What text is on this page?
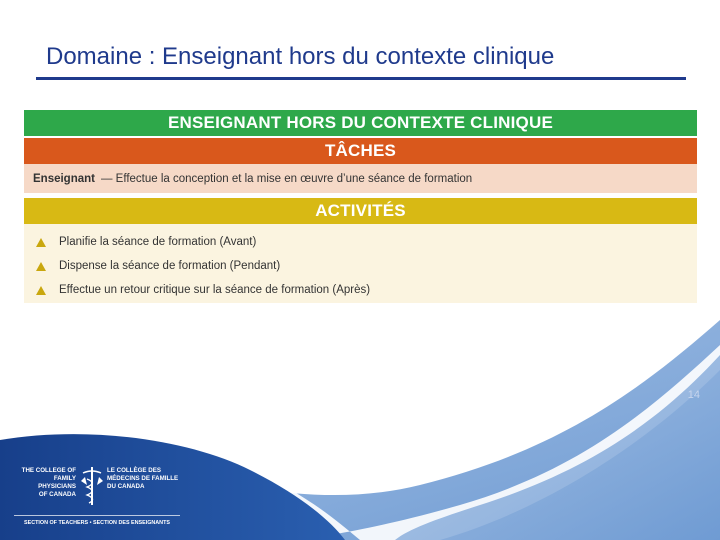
Domaine : Enseignant hors du contexte clinique
ENSEIGNANT HORS DU CONTEXTE CLINIQUE
TÂCHES
Enseignant — Effectue la conception et la mise en œuvre d’une séance de formation
ACTIVITÉS
Planifie la séance de formation (Avant)
Dispense la séance de formation (Pendant)
Effectue un retour critique sur la séance de formation (Après)
14
THE COLLEGE OF
FAMILY PHYSICIANS
OF CANADA
LE COLLÈGE DES
MÉDECINS DE FAMILLE
DU CANADA
SECTION OF TEACHERS • SECTION DES ENSEIGNANTS
